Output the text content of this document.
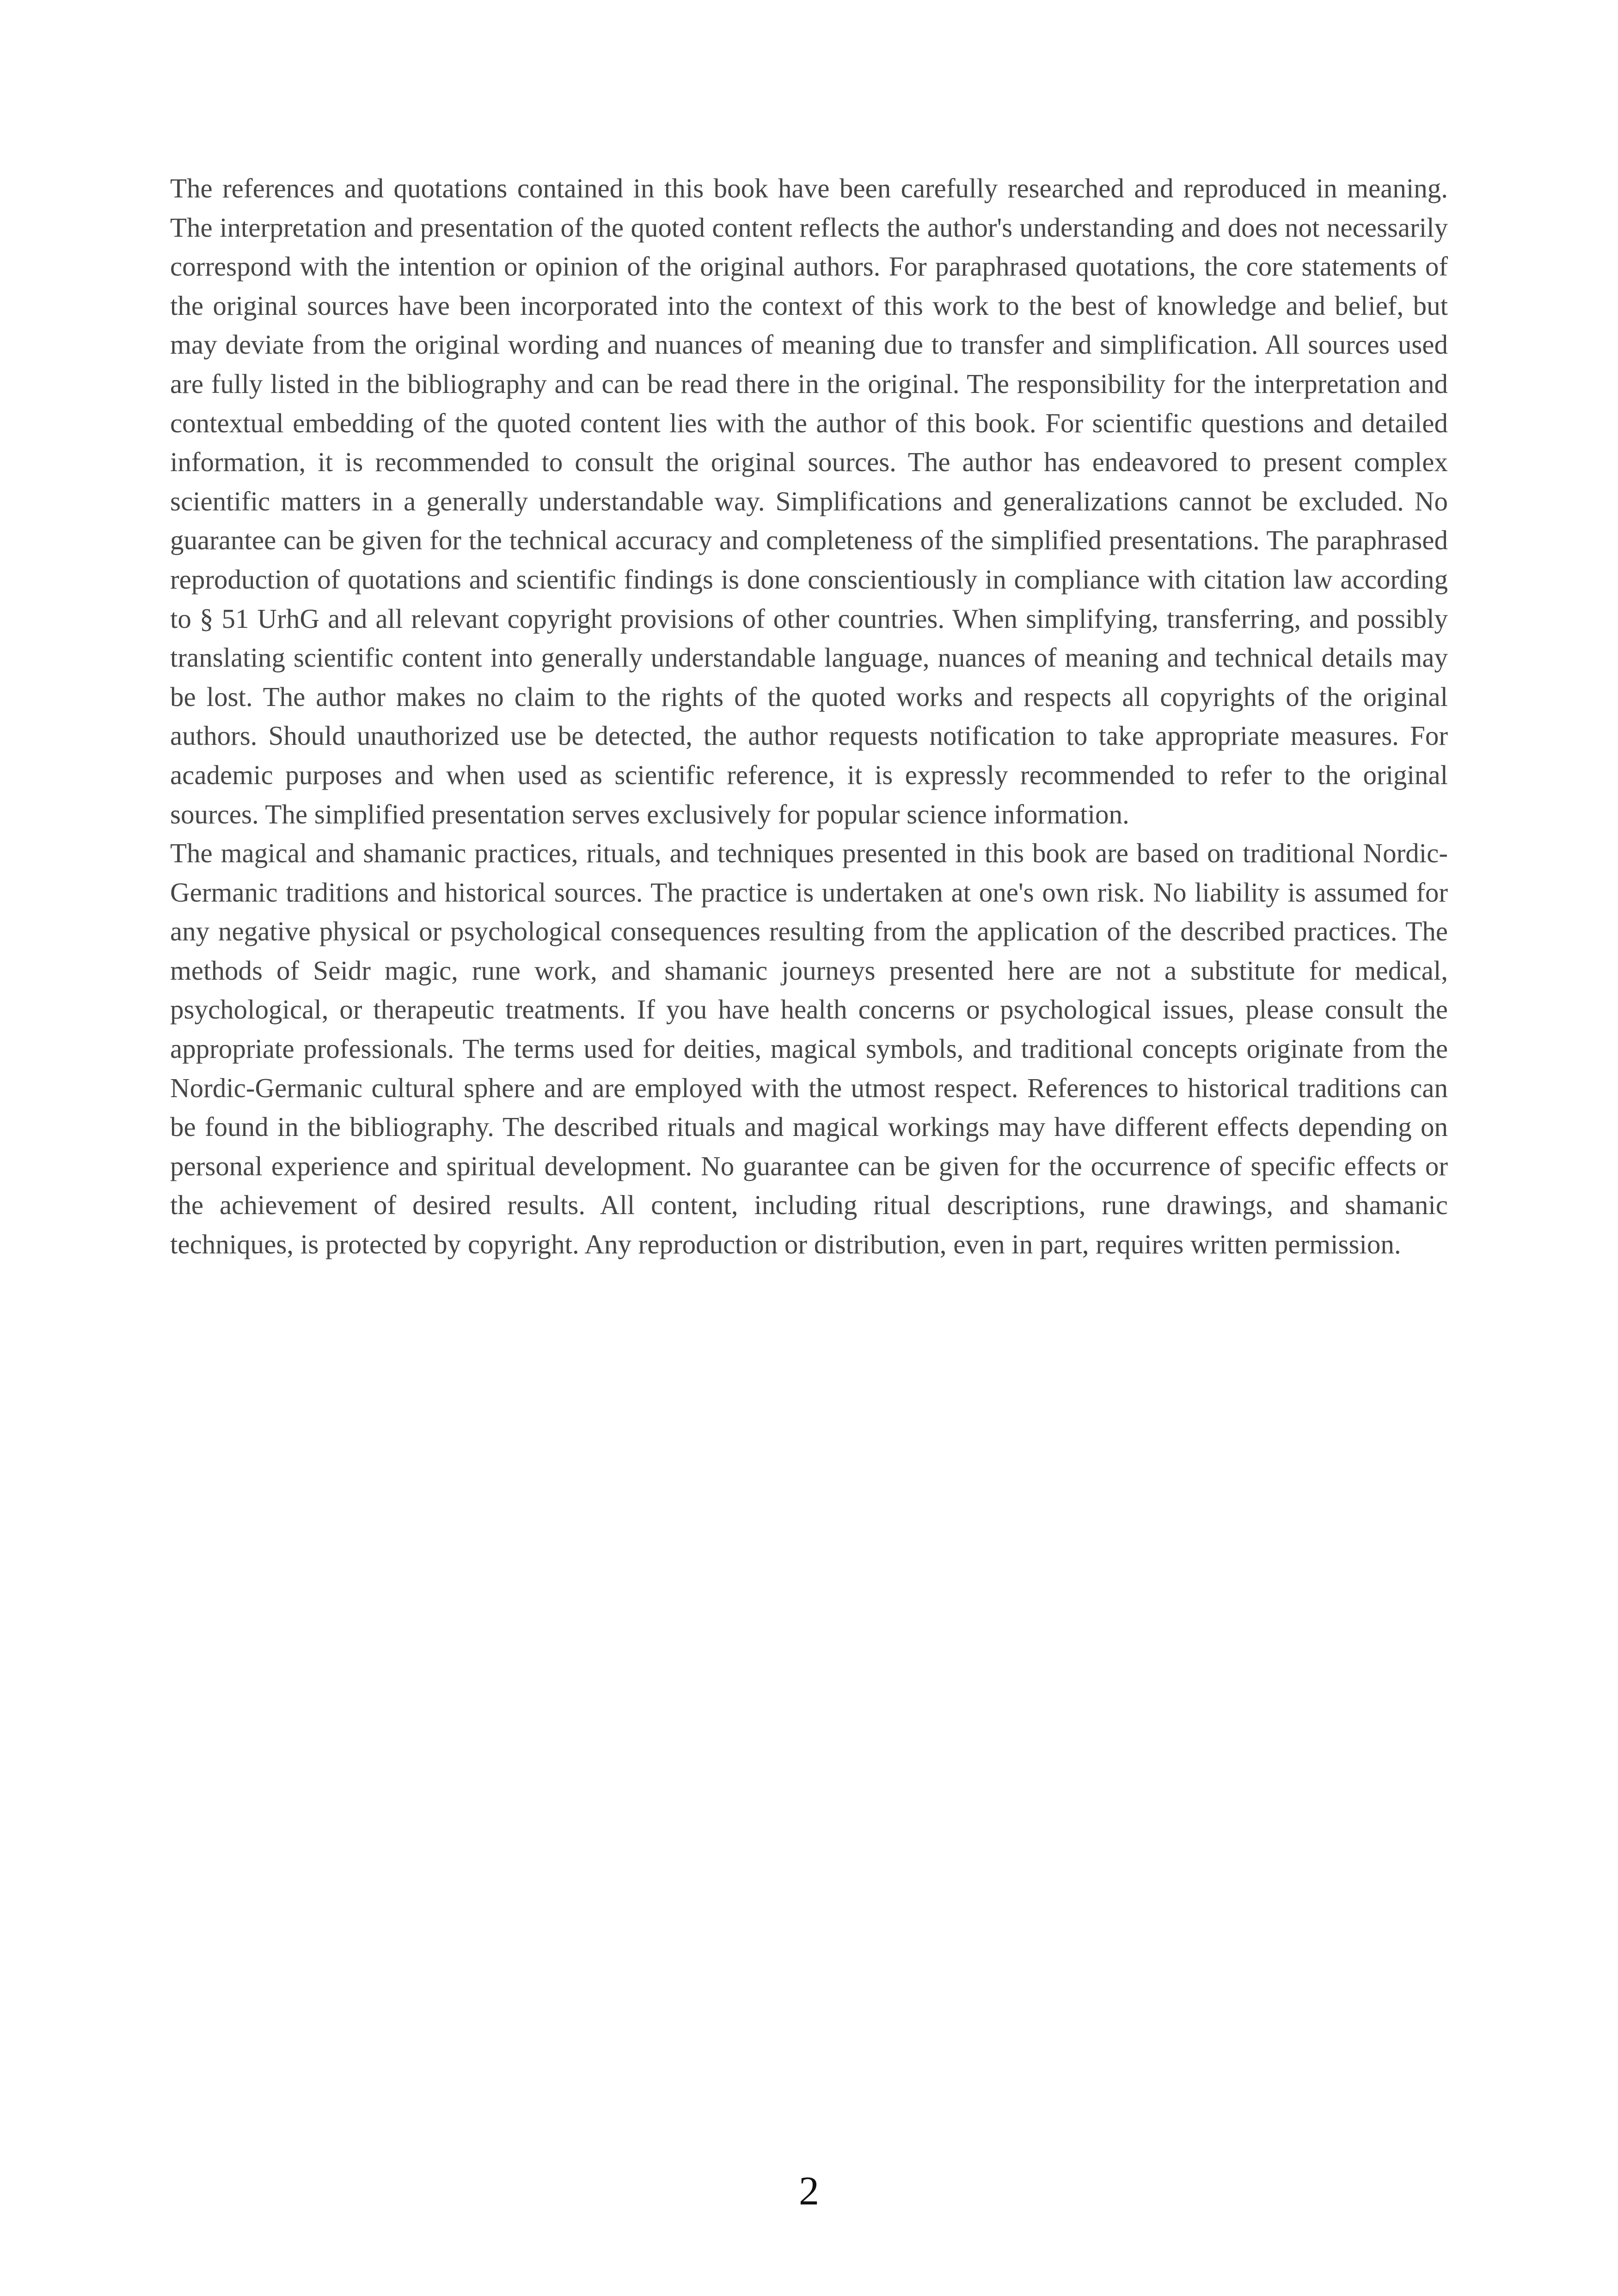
The references and quotations contained in this book have been carefully researched and reproduced in meaning. The interpretation and presentation of the quoted content reflects the author's understanding and does not necessarily correspond with the intention or opinion of the original authors. For paraphrased quotations, the core statements of the original sources have been incorporated into the context of this work to the best of knowledge and belief, but may deviate from the original wording and nuances of meaning due to transfer and simplification. All sources used are fully listed in the bibliography and can be read there in the original. The responsibility for the interpretation and contextual embedding of the quoted content lies with the author of this book. For scientific questions and detailed information, it is recommended to consult the original sources. The author has endeavored to present complex scientific matters in a generally understandable way. Simplifications and generalizations cannot be excluded. No guarantee can be given for the technical accuracy and completeness of the simplified presentations. The paraphrased reproduction of quotations and scientific findings is done conscientiously in compliance with citation law according to § 51 UrhG and all relevant copyright provisions of other countries. When simplifying, transferring, and possibly translating scientific content into generally understandable language, nuances of meaning and technical details may be lost. The author makes no claim to the rights of the quoted works and respects all copyrights of the original authors. Should unauthorized use be detected, the author requests notification to take appropriate measures. For academic purposes and when used as scientific reference, it is expressly recommended to refer to the original sources. The simplified presentation serves exclusively for popular science information.

The magical and shamanic practices, rituals, and techniques presented in this book are based on traditional Nordic-Germanic traditions and historical sources. The practice is undertaken at one's own risk. No liability is assumed for any negative physical or psychological consequences resulting from the application of the described practices. The methods of Seidr magic, rune work, and shamanic journeys presented here are not a substitute for medical, psychological, or therapeutic treatments. If you have health concerns or psychological issues, please consult the appropriate professionals. The terms used for deities, magical symbols, and traditional concepts originate from the Nordic-Germanic cultural sphere and are employed with the utmost respect. References to historical traditions can be found in the bibliography. The described rituals and magical workings may have different effects depending on personal experience and spiritual development. No guarantee can be given for the occurrence of specific effects or the achievement of desired results. All content, including ritual descriptions, rune drawings, and shamanic techniques, is protected by copyright. Any reproduction or distribution, even in part, requires written permission.

2
